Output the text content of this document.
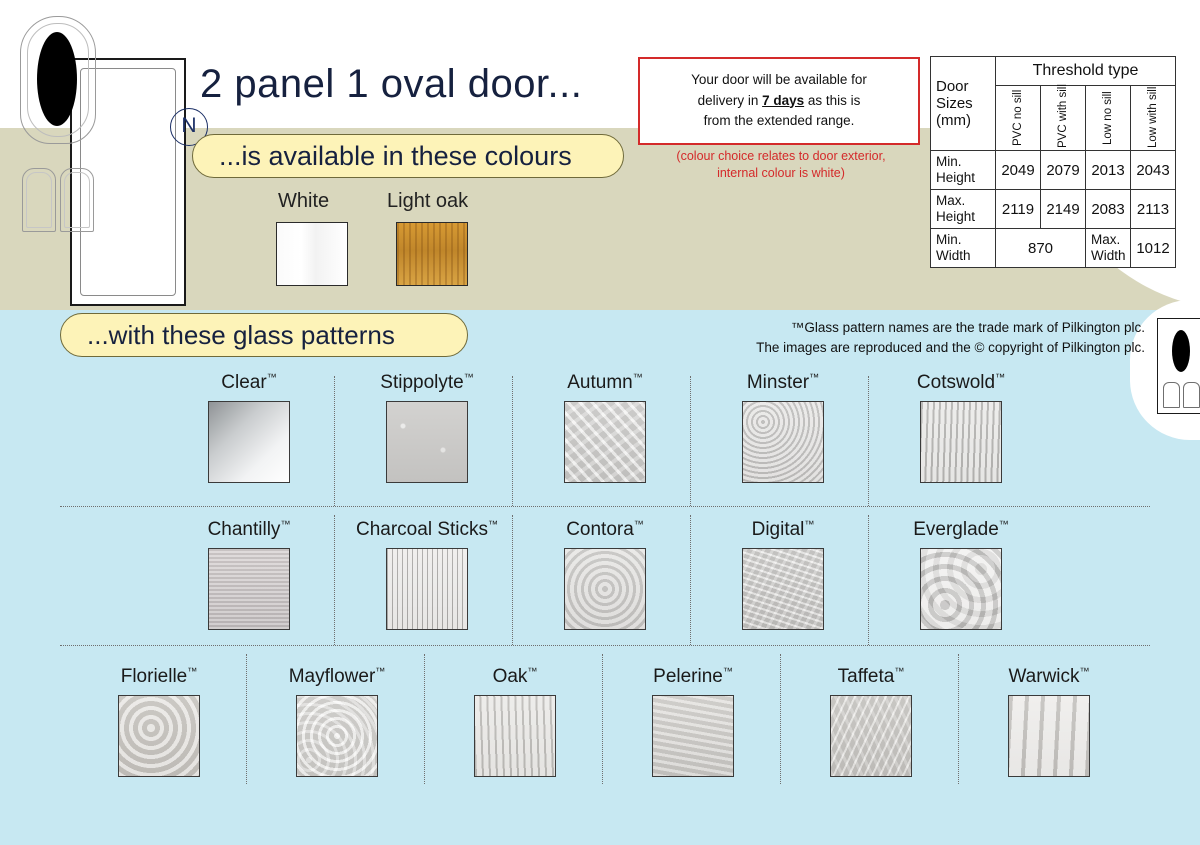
N
2 panel 1 oval door...
...is available in these colours
...with these glass patterns
Your door will be available for
delivery in 7 days as this is
from the extended range.
(colour choice relates to door exterior,
internal colour is white)
Door
Sizes
(mm)	Threshold type			

	PVC no sill	PVC with sill	Low no sill	Low with sill

Min.
Height	2049	2079	2013	2043

Max.
Height	2119	2149	2083	2113

Min.
Width	870	Max.
Width	1012
White	Light oak
™Glass pattern names are the trade mark of Pilkington plc.
The images are reproduced and the © copyright of Pilkington plc.
Clear™	Stippolyte™	Autumn™	Minster™	Cotswold™
Chantilly™	Charcoal Sticks™	Contora™	Digital™	Everglade™
Florielle™	Mayflower™	Oak™	Pelerine™	Taffeta™	Warwick™
